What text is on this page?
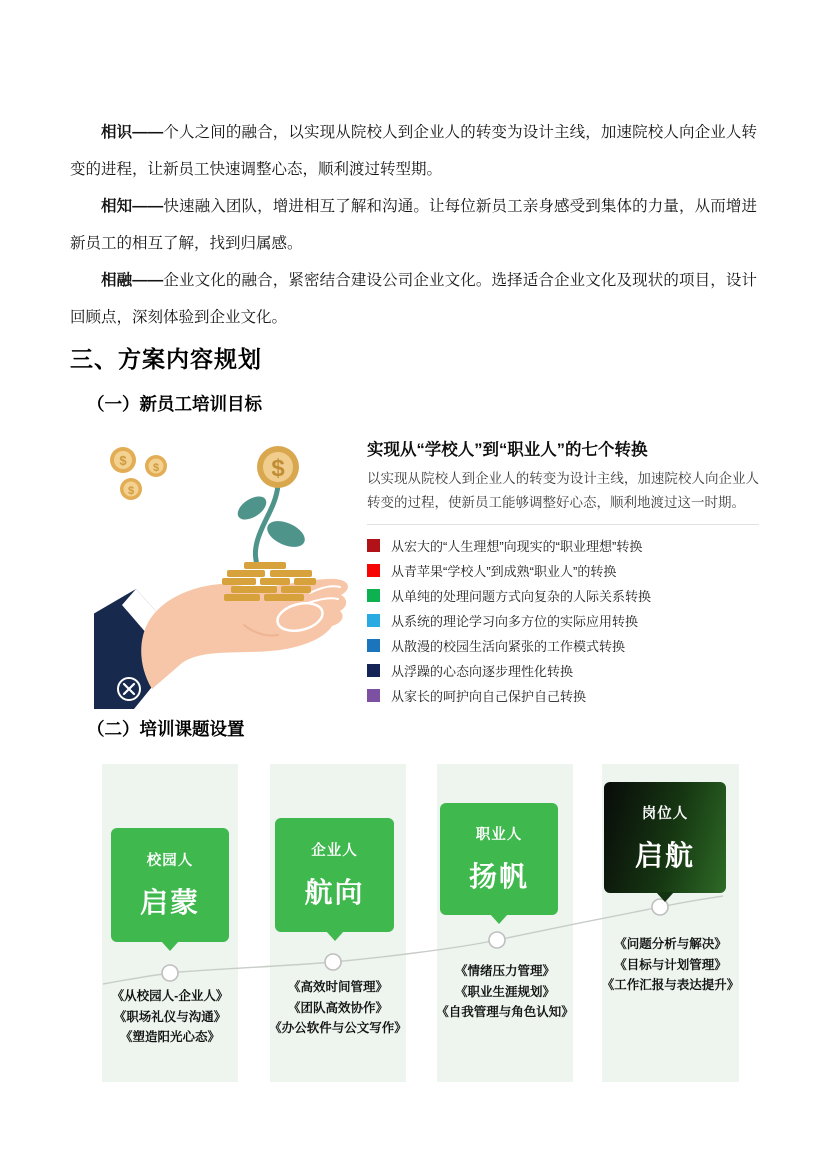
相识——个人之间的融合，以实现从院校人到企业人的转变为设计主线，加速院校人向企业人转变的进程，让新员工快速调整心态，顺利渡过转型期。

相知——快速融入团队，增进相互了解和沟通。让每位新员工亲身感受到集体的力量，从而增进新员工的相互了解，找到归属感。

相融——企业文化的融合，紧密结合建设公司企业文化。选择适合企业文化及现状的项目，设计回顾点，深刻体验到企业文化。

三、方案内容规划
（一）新员工培训目标
（二）培训课题设置
$ $
$
$
实现从“学校人”到“职业人”的七个转换
以实现从院校人到企业人的转变为设计主线，加速院校人向企业人转变的过程，使新员工能够调整好心态，顺利地渡过这一时期。
从宏大的“人生理想”向现实的“职业理想”转换
从青苹果“学校人”到成熟“职业人”的转换
从单纯的处理问题方式向复杂的人际关系转换
从系统的理论学习向多方位的实际应用转换
从散漫的校园生活向紧张的工作模式转换
从浮躁的心态向逐步理性化转换
从家长的呵护向自己保护自己转换
校园人
启蒙
企业人
航向
职业人
扬帆
岗位人
启航
《从校园人-企业人》
《职场礼仪与沟通》
《塑造阳光心态》
《高效时间管理》
《团队高效协作》
《办公软件与公文写作》
《情绪压力管理》
《职业生涯规划》
《自我管理与角色认知》
《问题分析与解决》
《目标与计划管理》
《工作汇报与表达提升》
